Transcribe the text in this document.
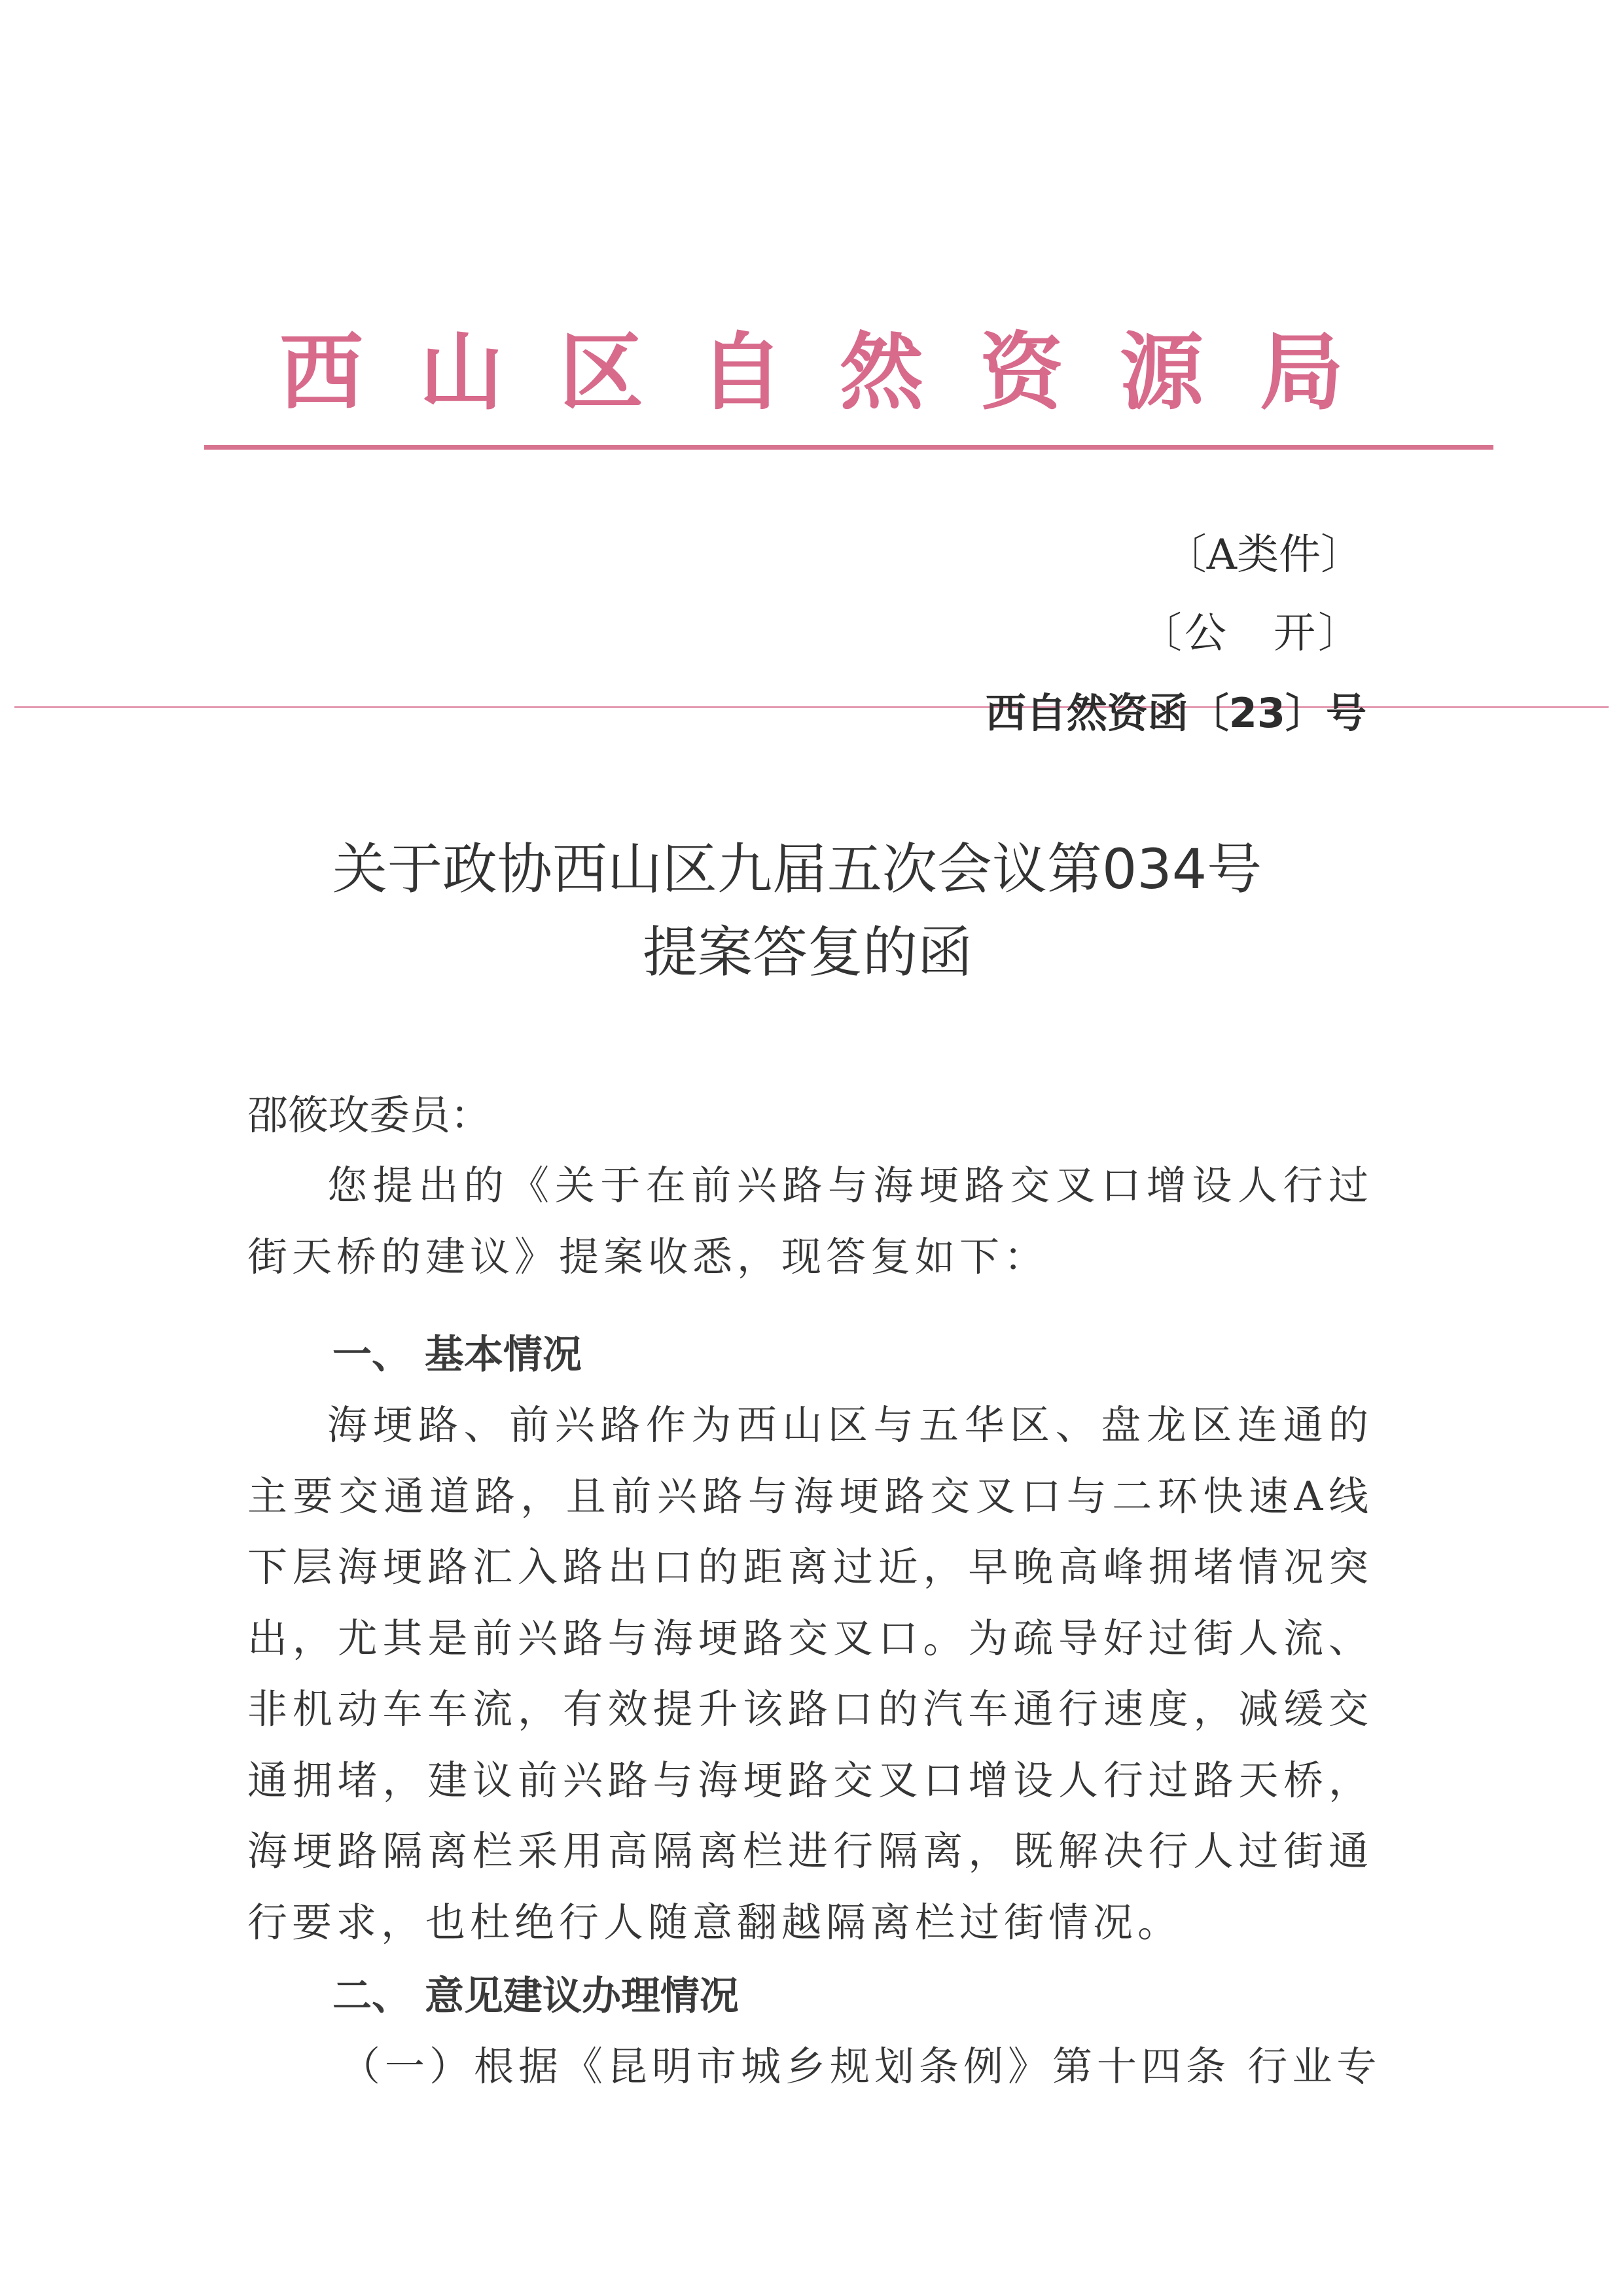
西山区自然资源局
〔A类件〕
〔公　开〕
西自然资函〔23〕号
关于政协西山区九届五次会议第034号
提案答复的函
邵筱玫委员：

您提出的《关于在前兴路与海埂路交叉口增设人行过街天桥的建议》提案收悉，现答复如下：

一、 基本情况

海埂路、前兴路作为西山区与五华区、盘龙区连通的主要交通道路，且前兴路与海埂路交叉口与二环快速A线下层海埂路汇入路出口的距离过近，早晚高峰拥堵情况突出，尤其是前兴路与海埂路交叉口。为疏导好过街人流、非机动车车流，有效提升该路口的汽车通行速度，减缓交通拥堵，建议前兴路与海埂路交叉口增设人行过路天桥，海埂路隔离栏采用高隔离栏进行隔离，既解决行人过街通行要求，也杜绝行人随意翻越隔离栏过街情况。

二、 意见建议办理情况
（一）根据《昆明市城乡规划条例》第十四条 行业专
